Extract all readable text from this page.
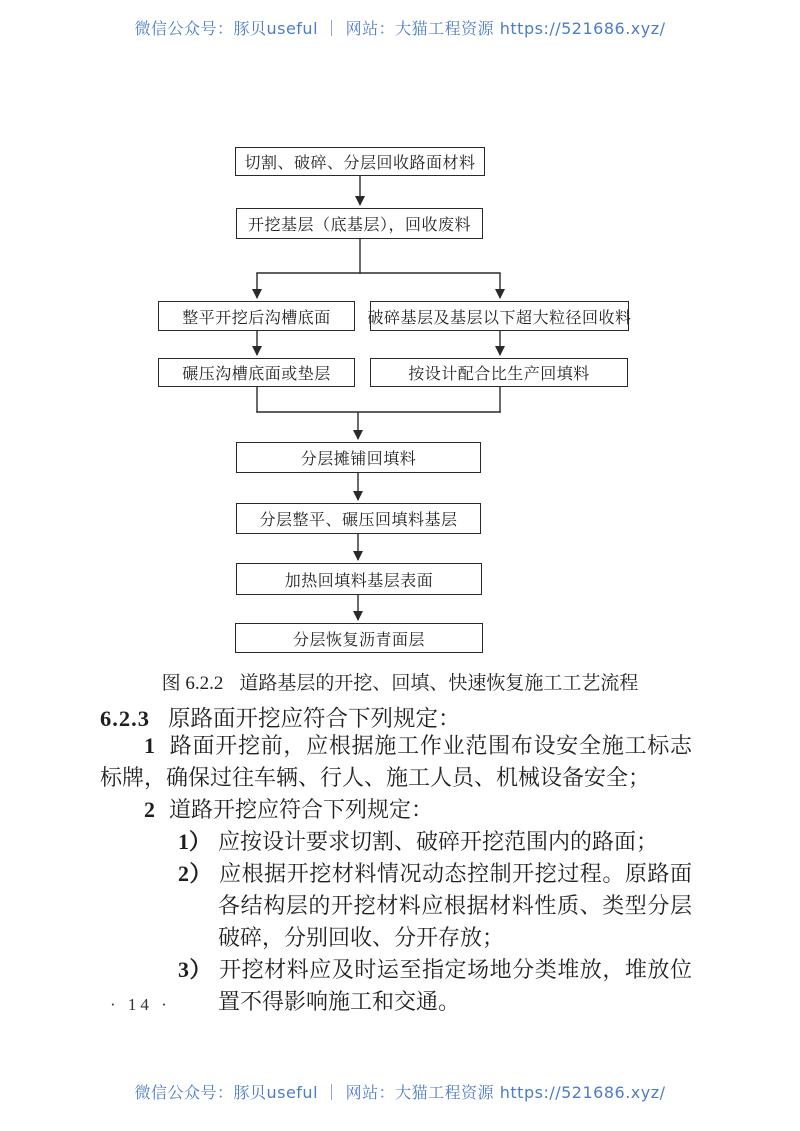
微信公众号：豚贝useful ｜ 网站：大猫工程资源 https://521686.xyz/
切割、破碎、分层回收路面材料
开挖基层（底基层），回收废料
整平开挖后沟槽底面	破碎基层及基层以下超大粒径回收料
碾压沟槽底面或垫层	按设计配合比生产回填料
分层摊铺回填料
分层整平、碾压回填料基层
加热回填料基层表面
分层恢复沥青面层
图 6.2.2 道路基层的开挖、回填、快速恢复施工工艺流程
6.2.3 原路面开挖应符合下列规定：

1 路面开挖前，应根据施工作业范围布设安全施工标志标牌，确保过往车辆、行人、施工人员、机械设备安全；

2 道路开挖应符合下列规定：

1） 应按设计要求切割、破碎开挖范围内的路面；

2） 应根据开挖材料情况动态控制开挖过程。原路面各结构层的开挖材料应根据材料性质、类型分层破碎，分别回收、分开存放；

3） 开挖材料应及时运至指定场地分类堆放，堆放位置不得影响施工和交通。

· 14 ·
微信公众号：豚贝useful ｜ 网站：大猫工程资源 https://521686.xyz/
